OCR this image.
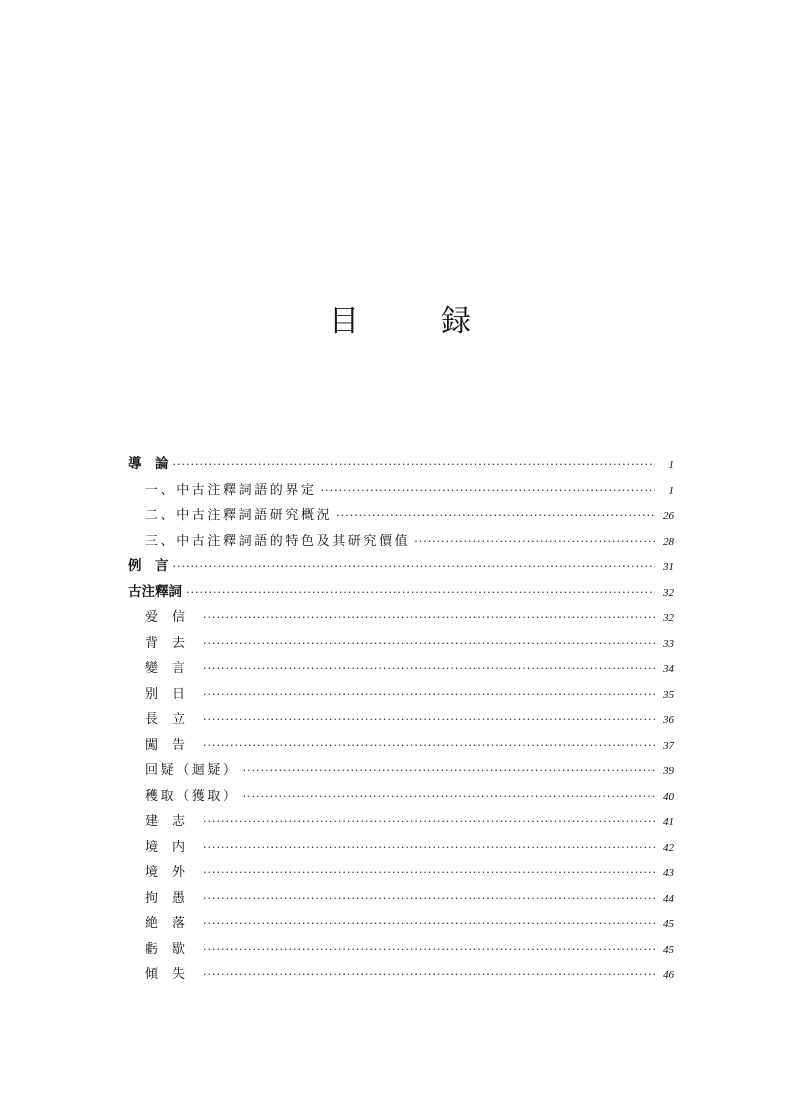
目　録
導　論 ·····	1
一、中古注釋詞語的界定 ·····	1
二、中古注釋詞語研究概況 ·····	26
三、中古注釋詞語的特色及其研究價值 ·····	28
例　言 ·····	31
古注釋詞 ·····	32
爱信 ·····	32
背去 ·····	33
變言 ·····	34
别日 ·····	35
長立 ·····	36
闖告 ·····	37
回疑（迴疑） ·····	39
穫取（獲取） ·····	40
建志 ·····	41
境内 ·····	42
境外 ·····	43
拘愚 ·····	44
絶落 ·····	45
虧歇 ·····	45
傾失 ·····	46
